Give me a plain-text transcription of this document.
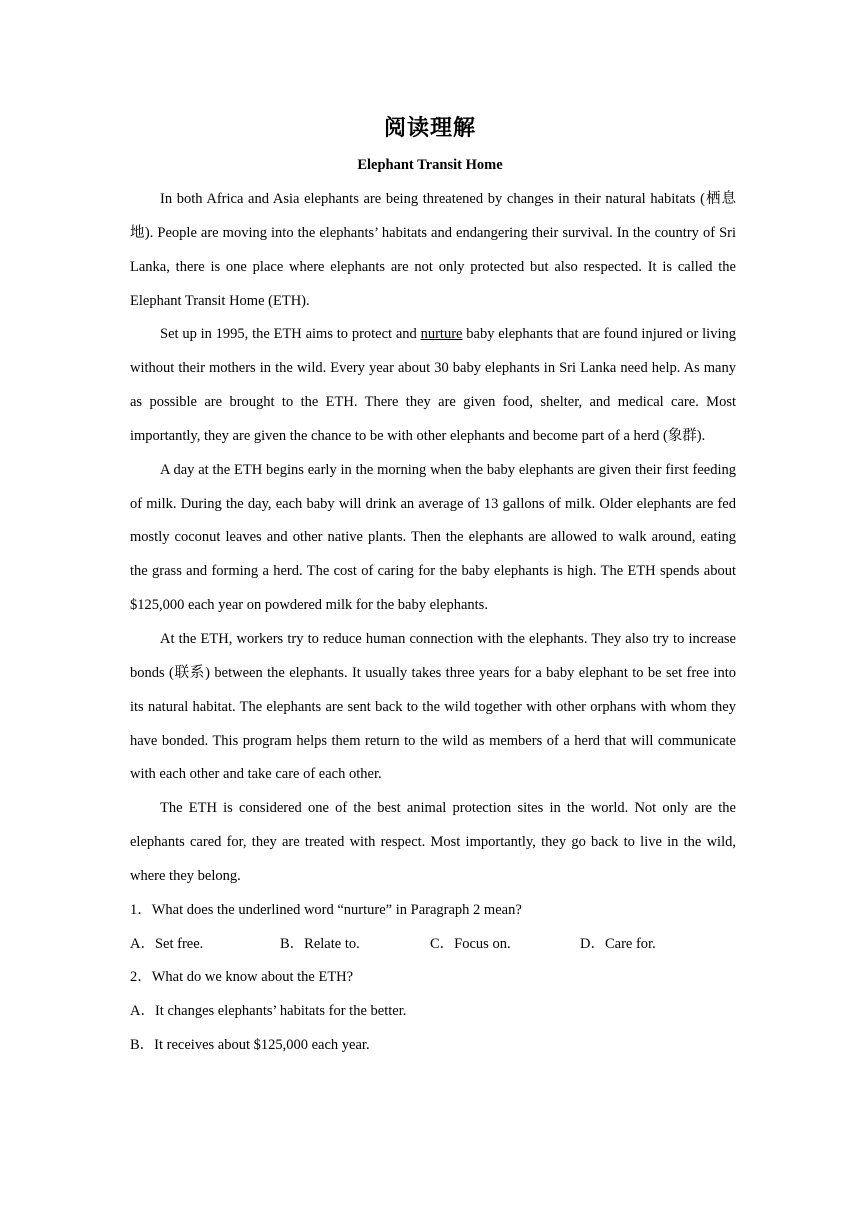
阅读理解
Elephant Transit Home

In both Africa and Asia elephants are being threatened by changes in their natural habitats (栖息地). People are moving into the elephants’ habitats and endangering their survival. In the country of Sri Lanka, there is one place where elephants are not only protected but also respected. It is called the Elephant Transit Home (ETH).

Set up in 1995, the ETH aims to protect and nurture baby elephants that are found injured or living without their mothers in the wild. Every year about 30 baby elephants in Sri Lanka need help. As many as possible are brought to the ETH. There they are given food, shelter, and medical care. Most importantly, they are given the chance to be with other elephants and become part of a herd (象群).

A day at the ETH begins early in the morning when the baby elephants are given their first feeding of milk. During the day, each baby will drink an average of 13 gallons of milk. Older elephants are fed mostly coconut leaves and other native plants. Then the elephants are allowed to walk around, eating the grass and forming a herd. The cost of caring for the baby elephants is high. The ETH spends about $125,000 each year on powdered milk for the baby elephants.

At the ETH, workers try to reduce human connection with the elephants. They also try to increase bonds (联系) between the elephants. It usually takes three years for a baby elephant to be set free into its natural habitat. The elephants are sent back to the wild together with other orphans with whom they have bonded. This program helps them return to the wild as members of a herd that will communicate with each other and take care of each other.

The ETH is considered one of the best animal protection sites in the world. Not only are the elephants cared for, they are treated with respect. Most importantly, they go back to live in the wild, where they belong.

1．What does the underlined word “nurture” in Paragraph 2 mean?

A．Set free.	B．Relate to.	C．Focus on.	D．Care for.

2．What do we know about the ETH?

A．It changes elephants’ habitats for the better.

B．It receives about $125,000 each year.
